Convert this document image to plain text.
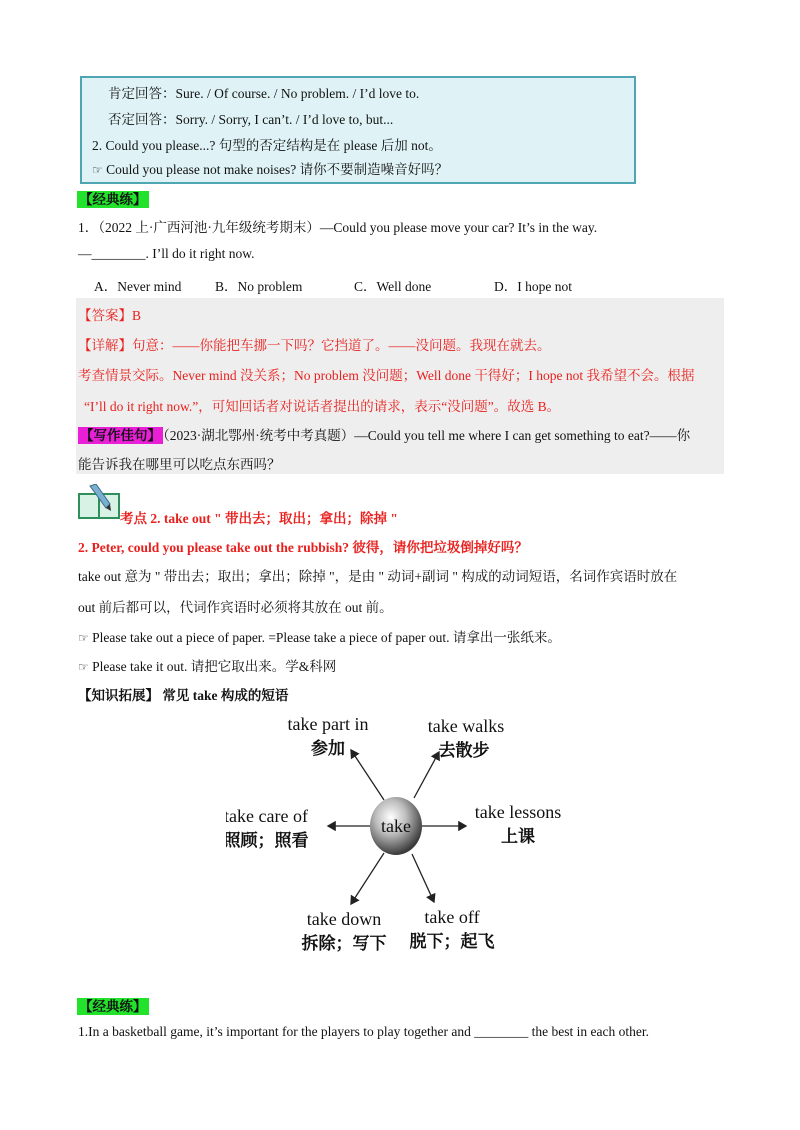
肯定回答：Sure. / Of course. / No problem. / I’d love to.
否定回答：Sorry. / Sorry, I can’t. / I’d love to, but...
2. Could you please...? 句型的否定结构是在 please 后加 not。
☞ Could you please not make noises? 请你不要制造噪音好吗？
【经典练】
1．（2022 上·广西河池·九年级统考期末）—Could you please move your car? It’s in the way.
—________. I’ll do it right now.
A．Never mind B．No problem	C．Well done	D．I hope not
【答案】B
【详解】句意：——你能把车挪一下吗？它挡道了。——没问题。我现在就去。
考查情景交际。Never mind 没关系；No problem 没问题；Well done 干得好；I hope not 我希望不会。根据
“I’ll do it right now.”，可知回话者对说话者提出的请求，表示“没问题”。故选 B。
【写作佳句】 （2023·湖北鄂州·统考中考真题）—Could you tell me where I can get something to eat?——你
能告诉我在哪里可以吃点东西吗？
考点 2. take out " 带出去；取出；拿出；除掉 "
2. Peter, could you please take out the rubbish? 彼得，请你把垃圾倒掉好吗？
take out 意为 " 带出去；取出；拿出；除掉 "，是由 " 动词+副词 " 构成的动词短语，名词作宾语时放在
out 前后都可以，代词作宾语时必须将其放在 out 前。
☞ Please take out a piece of paper. =Please take a piece of paper out. 请拿出一张纸来。
☞ Please take it out. 请把它取出来。学&科网
【知识拓展】 常见 take 构成的短语
take
take part in
参加
take walks
去散步
take care of
照顾；照看
take lessons
上课
take down
拆除；写下
take off
脱下；起飞
【经典练】
1.In a basketball game, it’s important for the players to play together and ________ the best in each other.
